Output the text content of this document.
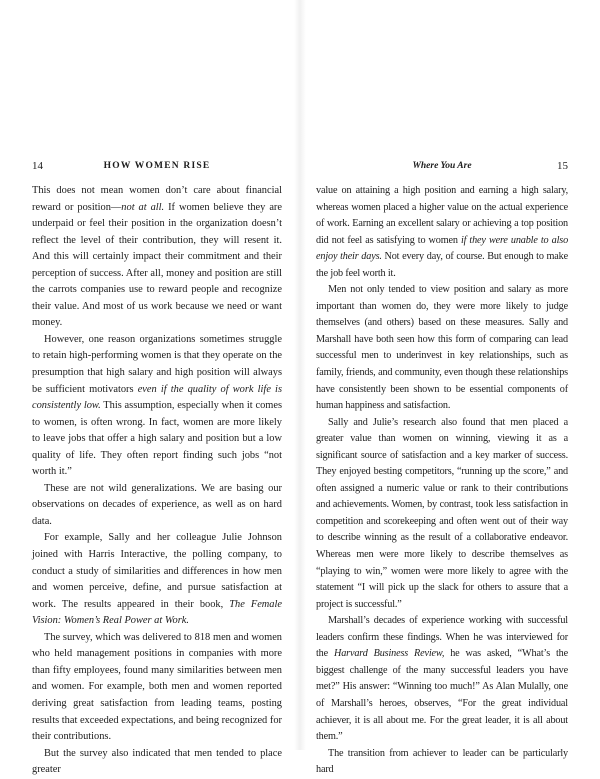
14	HOW WOMEN RISE

This does not mean women don’t care about financial reward or position—not at all. If women believe they are underpaid or feel their position in the organization doesn’t reflect the level of their contribution, they will resent it. And this will certainly impact their commitment and their perception of success. After all, money and position are still the carrots companies use to reward people and recognize their value. And most of us work because we need or want money.

However, one reason organizations sometimes struggle to retain high-performing women is that they operate on the presumption that high salary and high position will always be sufficient motivators even if the quality of work life is consistently low. This assumption, especially when it comes to women, is often wrong. In fact, women are more likely to leave jobs that offer a high salary and position but a low quality of life. They often report finding such jobs “not worth it.”

These are not wild generalizations. We are basing our observations on decades of experience, as well as on hard data.

For example, Sally and her colleague Julie Johnson joined with Harris Interactive, the polling company, to conduct a study of similarities and differences in how men and women perceive, define, and pursue satisfaction at work. The results appeared in their book, The Female Vision: Women’s Real Power at Work.

The survey, which was delivered to 818 men and women who held management positions in companies with more than fifty employees, found many similarities between men and women. For example, both men and women reported deriving great satisfaction from leading teams, posting results that exceeded expectations, and being recognized for their contributions.

But the survey also indicated that men tended to place greater

Where You Are	15

value on attaining a high position and earning a high salary, whereas women placed a higher value on the actual experience of work. Earning an excellent salary or achieving a top position did not feel as satisfying to women if they were unable to also enjoy their days. Not every day, of course. But enough to make the job feel worth it.

Men not only tended to view position and salary as more important than women do, they were more likely to judge themselves (and others) based on these measures. Sally and Marshall have both seen how this form of comparing can lead successful men to underinvest in key relationships, such as family, friends, and community, even though these relationships have consistently been shown to be essential components of human happiness and satisfaction.

Sally and Julie’s research also found that men placed a greater value than women on winning, viewing it as a significant source of satisfaction and a key marker of success. They enjoyed besting competitors, “running up the score,” and often assigned a numeric value or rank to their contributions and achievements. Women, by contrast, took less satisfaction in competition and scorekeeping and often went out of their way to describe winning as the result of a collaborative endeavor. Whereas men were more likely to describe themselves as “playing to win,” women were more likely to agree with the statement “I will pick up the slack for others to assure that a project is successful.”

Marshall’s decades of experience working with successful leaders confirm these findings. When he was interviewed for the Harvard Business Review, he was asked, “What’s the biggest challenge of the many successful leaders you have met?” His answer: “Winning too much!” As Alan Mulally, one of Marshall’s heroes, observes, “For the great individual achiever, it is all about me. For the great leader, it is all about them.”

The transition from achiever to leader can be particularly hard
